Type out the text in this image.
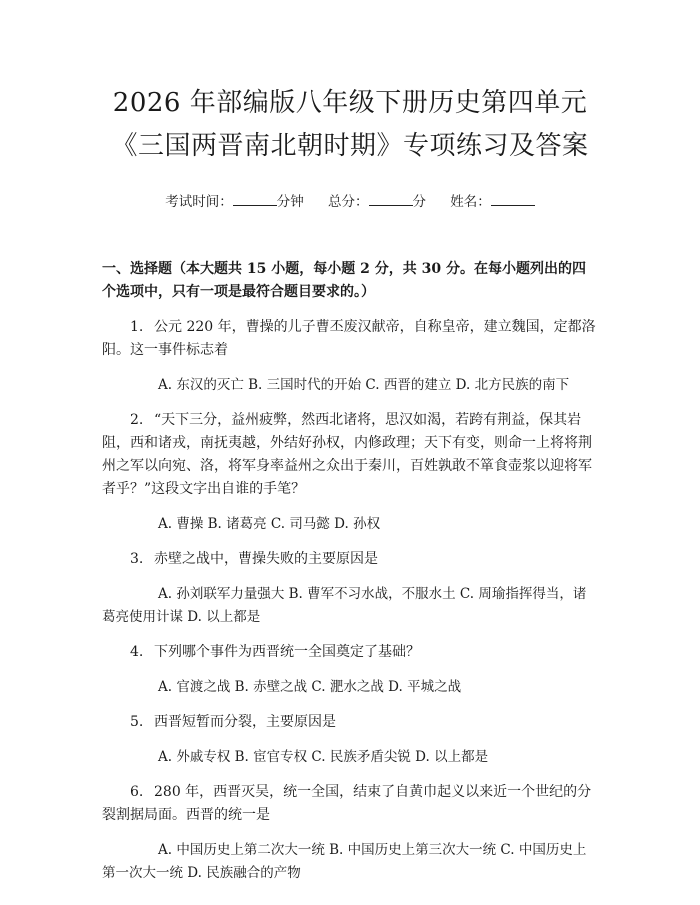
2026 年部编版八年级下册历史第四单元《三国两晋南北朝时期》专项练习及答案
考试时间：	分钟 总分：	分 姓名：

一、选择题（本大题共 15 小题，每小题 2 分，共 30 分。在每小题列出的四个选项中，只有一项是最符合题目要求的。）

1. 公元 220 年，曹操的儿子曹丕废汉献帝，自称皇帝，建立魏国，定都洛阳。这一事件标志着

A. 东汉的灭亡 B. 三国时代的开始 C. 西晋的建立 D. 北方民族的南下

2. “天下三分，益州疲弊，然西北诸将，思汉如渴，若跨有荆益，保其岩阻，西和诸戎，南抚夷越，外结好孙权，内修政理；天下有变，则命一上将将荆州之军以向宛、洛，将军身率益州之众出于秦川，百姓孰敢不箪食壶浆以迎将军者乎？”这段文字出自谁的手笔？

A. 曹操 B. 诸葛亮 C. 司马懿 D. 孙权

3. 赤壁之战中，曹操失败的主要原因是

A. 孙刘联军力量强大 B. 曹军不习水战，不服水土 C. 周瑜指挥得当，诸葛亮使用计谋 D. 以上都是

4. 下列哪个事件为西晋统一全国奠定了基础？

A. 官渡之战 B. 赤壁之战 C. 淝水之战 D. 平城之战

5. 西晋短暂而分裂，主要原因是

A. 外戚专权 B. 宦官专权 C. 民族矛盾尖锐 D. 以上都是

6. 280 年，西晋灭吴，统一全国，结束了自黄巾起义以来近一个世纪的分裂割据局面。西晋的统一是

A. 中国历史上第二次大一统 B. 中国历史上第三次大一统 C. 中国历史上第一次大一统 D. 民族融合的产物
